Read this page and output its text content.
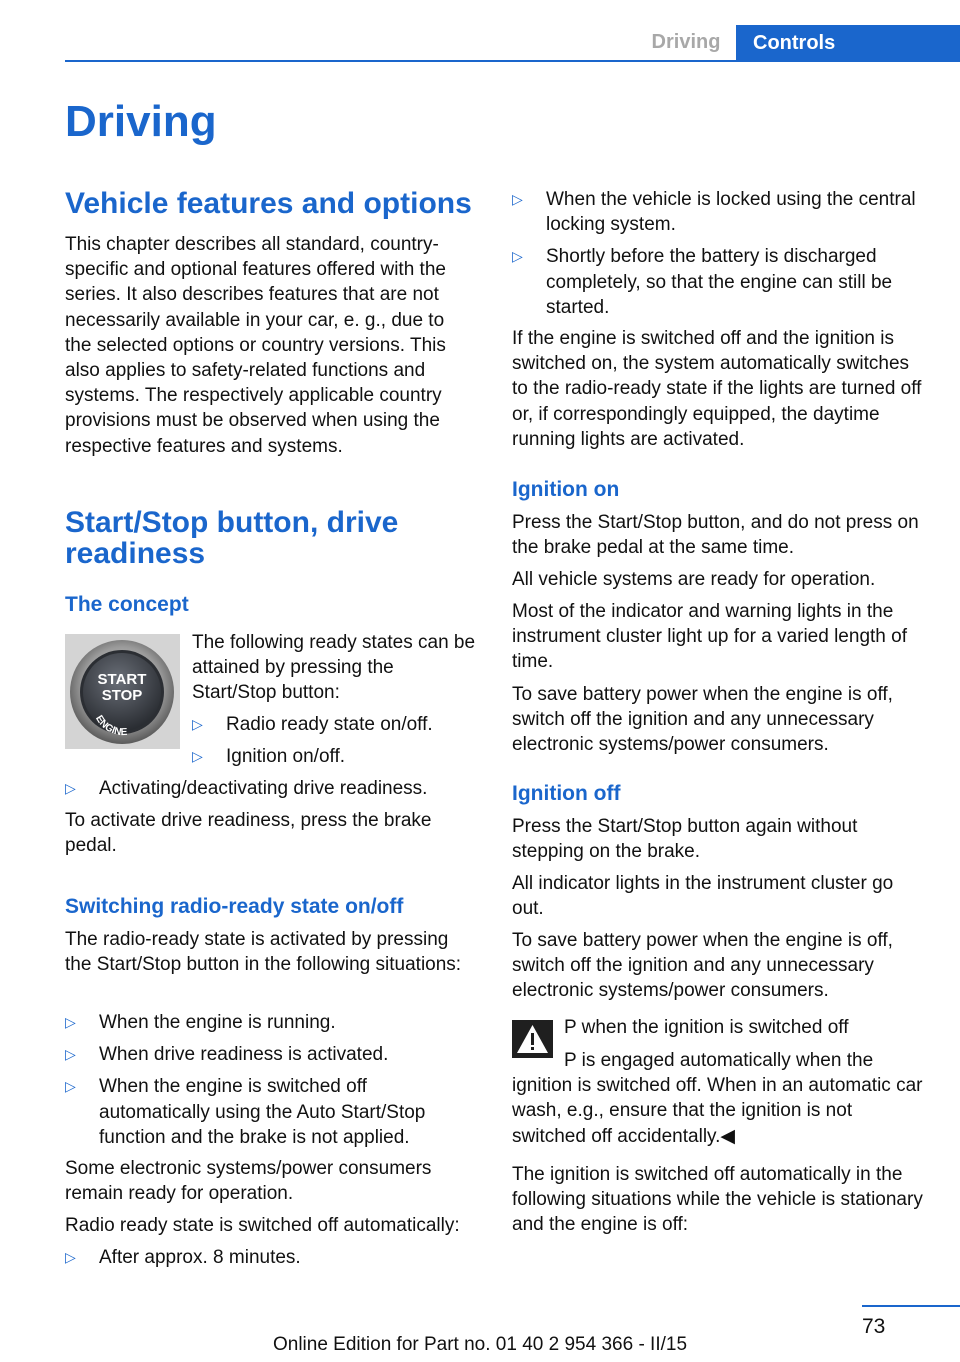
Driving	Controls
Driving
Vehicle features and options

This chapter describes all standard, country-specific and optional features offered with the series. It also describes features that are not necessarily available in your car, e. g., due to the selected options or country versions. This also applies to safety-related functions and systems. The respectively applicable country provisions must be observed when using the respective features and systems.

Start/Stop button, drive readiness
The concept
START
STOP
ENGINE

The following ready states can be attained by pressing the Start/Stop button:

▷	Radio ready state on/off.
▷	Ignition on/off.
▷	Activating/deactivating drive readiness.

To activate drive readiness, press the brake pedal.

Switching radio-ready state on/off

The radio-ready state is activated by pressing the Start/Stop button in the following situations:

▷	When the engine is running.
▷	When drive readiness is activated.
▷	When the engine is switched off automatically using the Auto Start/Stop function and the brake is not applied.

Some electronic systems/power consumers remain ready for operation.

Radio ready state is switched off automatically:

▷	After approx. 8 minutes.
▷	When the vehicle is locked using the central locking system.
▷	Shortly before the battery is discharged completely, so that the engine can still be started.

If the engine is switched off and the ignition is switched on, the system automatically switches to the radio-ready state if the lights are turned off or, if correspondingly equipped, the daytime running lights are activated.

Ignition on

Press the Start/Stop button, and do not press on the brake pedal at the same time.

All vehicle systems are ready for operation.

Most of the indicator and warning lights in the instrument cluster light up for a varied length of time.

To save battery power when the engine is off, switch off the ignition and any unnecessary electronic systems/power consumers.

Ignition off

Press the Start/Stop button again without stepping on the brake.

All indicator lights in the instrument cluster go out.

To save battery power when the engine is off, switch off the ignition and any unnecessary electronic systems/power consumers.

P when the ignition is switched off

P is engaged automatically when the ignition is switched off. When in an automatic car wash, e.g., ensure that the ignition is not switched off accidentally.◀

The ignition is switched off automatically in the following situations while the vehicle is stationary and the engine is off:

73
Online Edition for Part no. 01 40 2 954 366 - II/15
